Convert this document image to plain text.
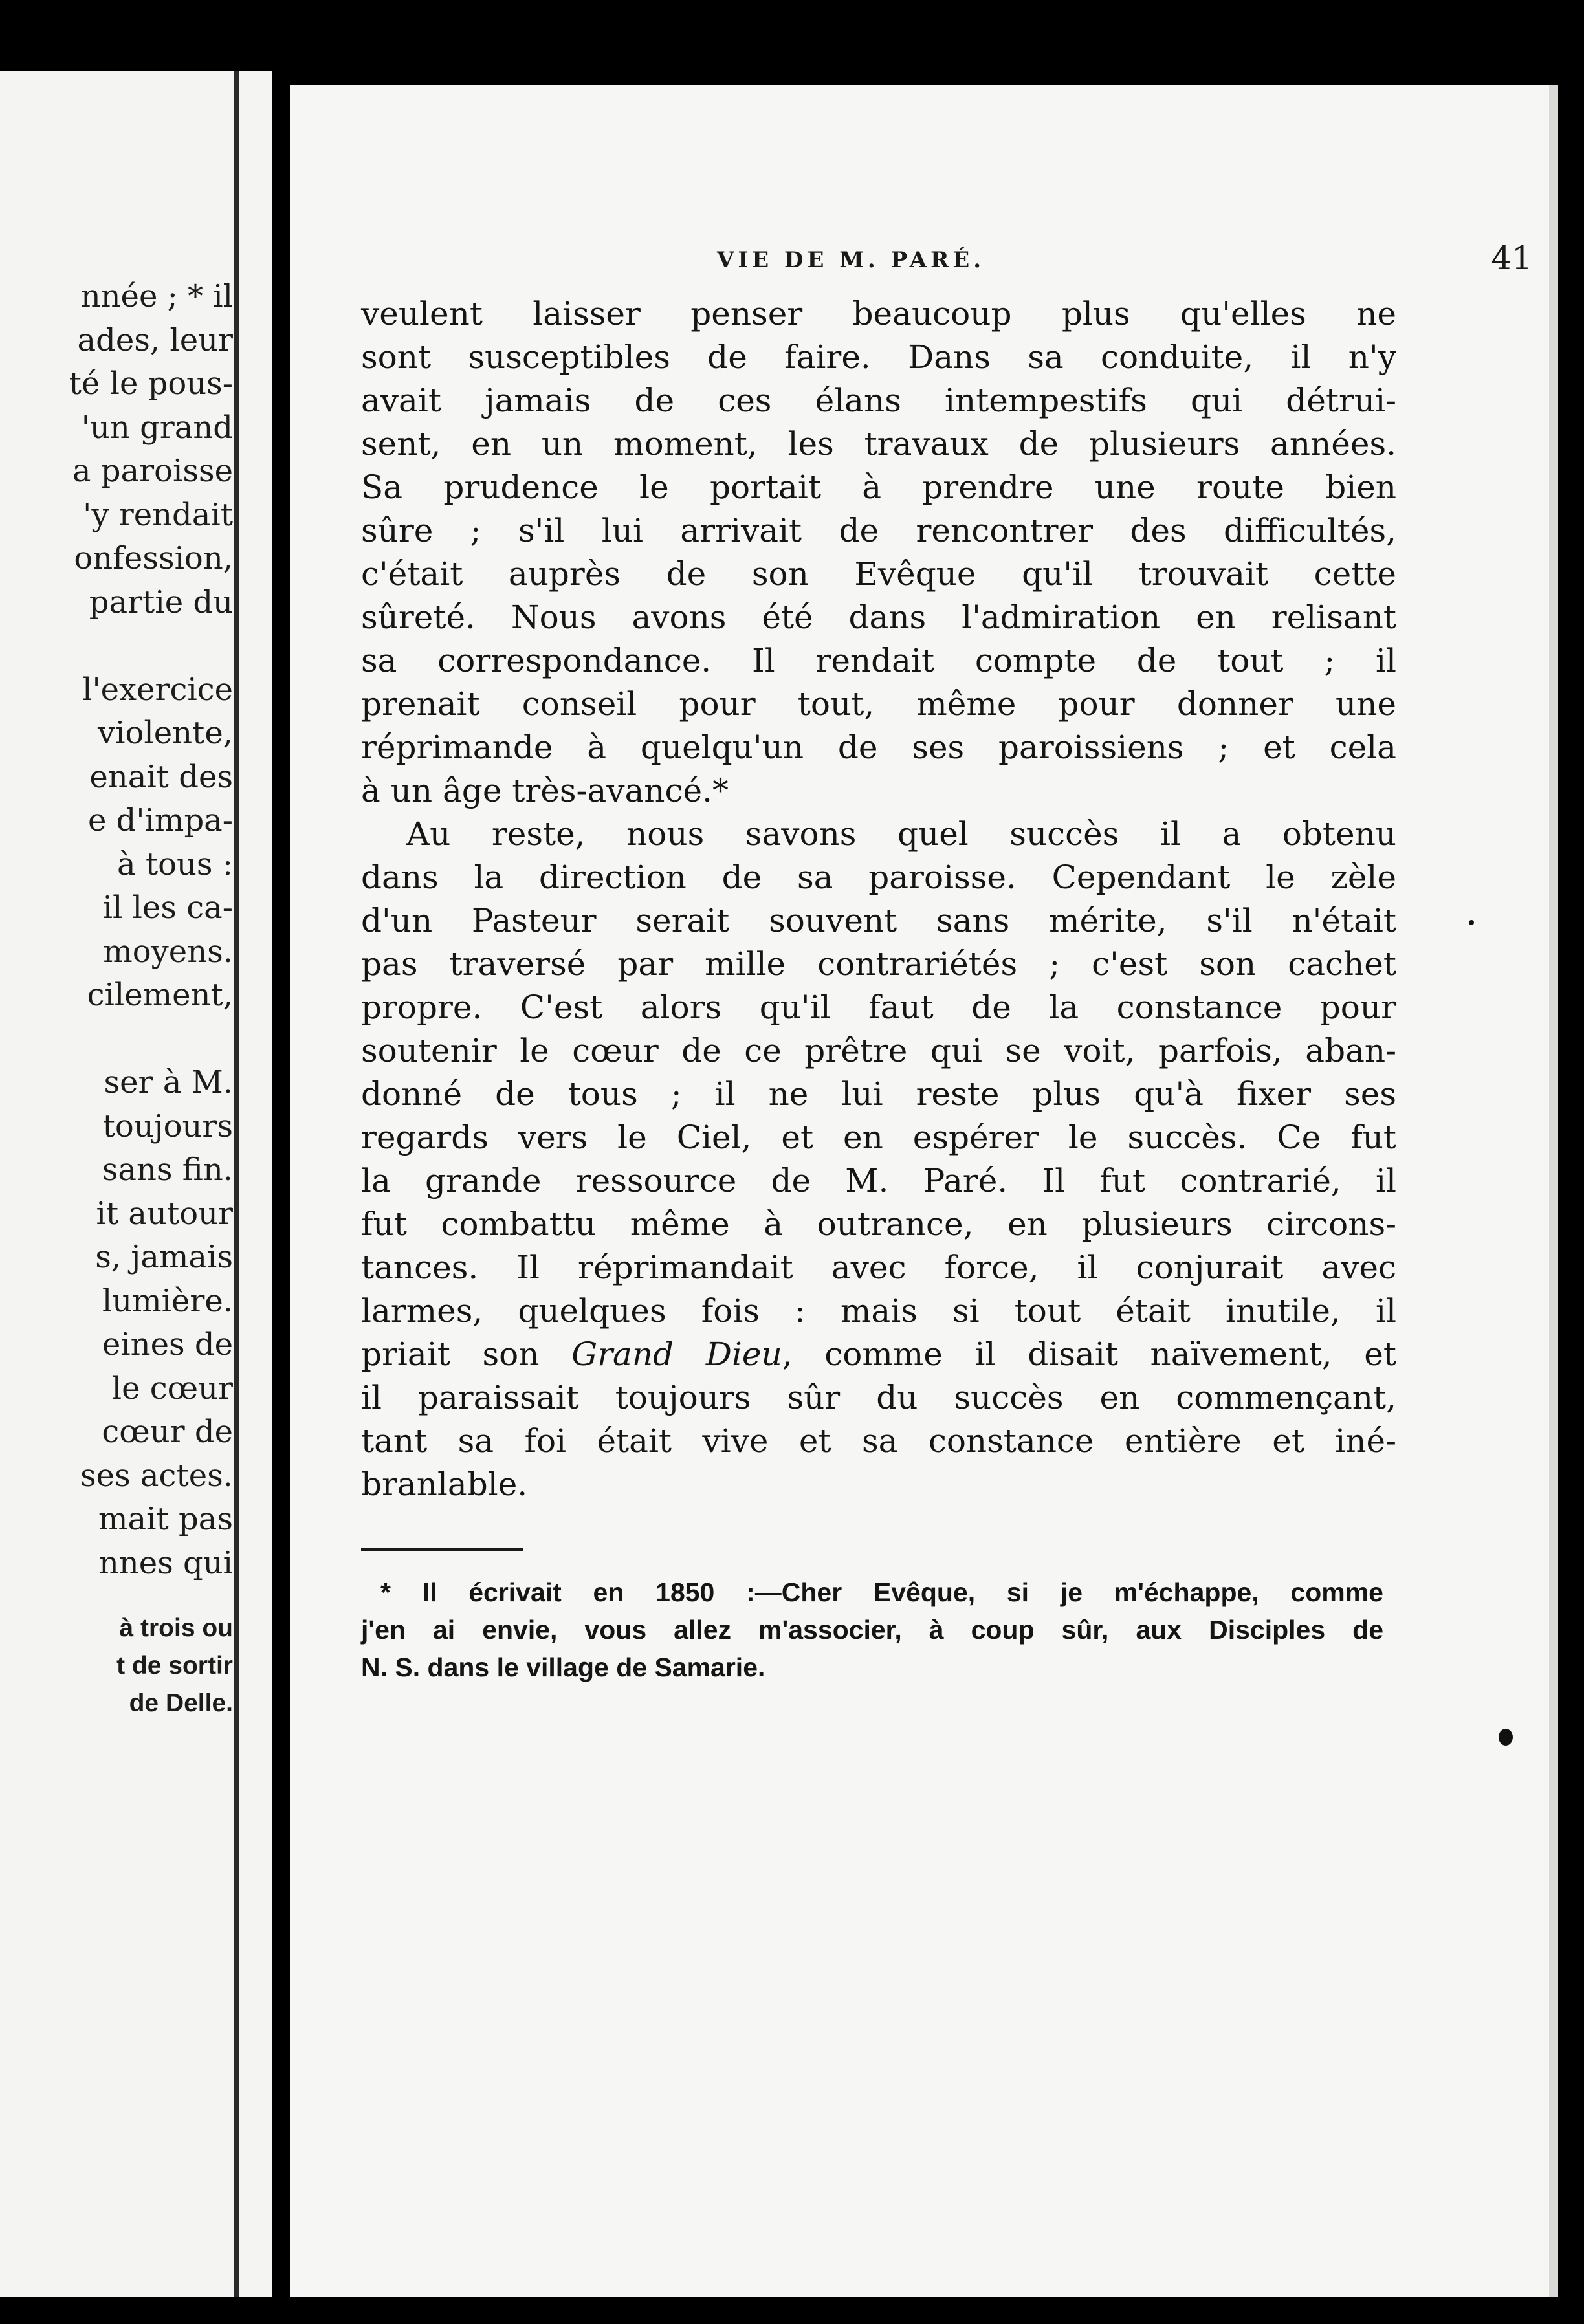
nnée ; * il
ades, leur
té le pous-
'un grand
a paroisse
'y rendait
onfession,
partie du
l'exercice
violente,
enait des
e d'impa-
à tous :
il les ca-
moyens.
cilement,
ser à M.
toujours
sans fin.
it autour
s, jamais
lumière.
eines de
le cœur
cœur de
ses actes.
mait pas
nnes qui
à trois ou
t de sortir
de Delle.
VIE DE M. PARÉ.	41
veulent laisser penser beaucoup plus qu'elles ne
sont susceptibles de faire. Dans sa conduite, il n'y
avait jamais de ces élans intempestifs qui détrui-
sent, en un moment, les travaux de plusieurs années.
Sa prudence le portait à prendre une route bien
sûre ; s'il lui arrivait de rencontrer des difficultés,
c'était auprès de son Evêque qu'il trouvait cette
sûreté. Nous avons été dans l'admiration en relisant
sa correspondance. Il rendait compte de tout ; il
prenait conseil pour tout, même pour donner une
réprimande à quelqu'un de ses paroissiens ; et cela
à un âge très-avancé.*
Au reste, nous savons quel succès il a obtenu
dans la direction de sa paroisse. Cependant le zèle
d'un Pasteur serait souvent sans mérite, s'il n'était
pas traversé par mille contrariétés ; c'est son cachet
propre. C'est alors qu'il faut de la constance pour
soutenir le cœur de ce prêtre qui se voit, parfois, aban-
donné de tous ; il ne lui reste plus qu'à fixer ses
regards vers le Ciel, et en espérer le succès. Ce fut
la grande ressource de M. Paré. Il fut contrarié, il
fut combattu même à outrance, en plusieurs circons-
tances. Il réprimandait avec force, il conjurait avec
larmes, quelques fois : mais si tout était inutile, il
priait son Grand Dieu, comme il disait naïvement, et
il paraissait toujours sûr du succès en commençant,
tant sa foi était vive et sa constance entière et iné-
branlable.
* Il écrivait en 1850 :—Cher Evêque, si je m'échappe, comme
j'en ai envie, vous allez m'associer, à coup sûr, aux Disciples de
N. S. dans le village de Samarie.
